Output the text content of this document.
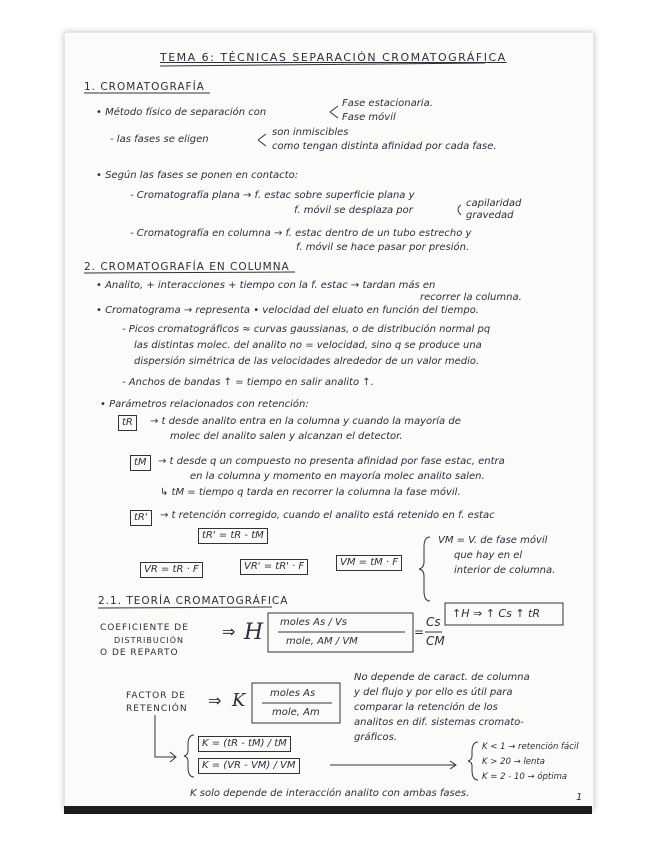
TEMA 6: TÉCNICAS SEPARACIÓN CROMATOGRÁFICA
1. CROMATOGRAFÍA
• Método físico de separación con
Fase estacionaria.
Fase móvil
- las fases se eligen
son inmiscibles
como tengan distinta afinidad por cada fase.
• Según las fases se ponen en contacto:
- Cromatografía plana → f. estac sobre superficie plana y
f. móvil se desplaza por
capilaridad
gravedad
- Cromatografía en columna → f. estac dentro de un tubo estrecho y
f. móvil se hace pasar por presión.
2. CROMATOGRAFÍA EN COLUMNA
• Analito, + interacciones + tiempo con la f. estac → tardan más en
recorrer la columna.
• Cromatograma → representa • velocidad del eluato en función del tiempo.
- Picos cromatográficos ≈ curvas gaussianas, o de distribución normal pq
las distintas molec. del analito no = velocidad, sino q se produce una
dispersión simétrica de las velocidades alrededor de un valor medio.
- Anchos de bandas ↑ = tiempo en salir analito ↑.
• Parámetros relacionados con retención:
tR	→ t desde analito entra en la columna y cuando la mayoría de
molec del analito salen y alcanzan el detector.
tM	→ t desde q un compuesto no presenta afinidad por fase estac, entra
en la columna y momento en mayoría molec analito salen.
↳ tM = tiempo q tarda en recorrer la columna la fase móvil.
tR'	→ t retención corregido, cuando el analito está retenido en f. estac
tR' = tR - tM
VR = tR · F	VR' = tR' · F	VM = tM · F
VM = V. de fase móvil
que hay en el
interior de columna.
2.1. TEORÍA CROMATOGRÁFICA
COEFICIENTE DE
DISTRIBUCIÓN
O DE REPARTO
⇒ H moles As / Vs
mole, AM / VM
=
Cs
CM
↑H ⇒ ↑ Cs ↑ tR
FACTOR DE
RETENCIÓN ⇒ K moles As
mole, Am
No depende de caract. de columna
y del flujo y por ello es útil para
comparar la retención de los
analitos en dif. sistemas cromato-
gráficos.
K = (tR - tM) / tM
K = (VR - VM) / VM
K < 1 → retención fácil
K > 20 → lenta
K = 2 - 10 → óptima
K solo depende de interacción analito con ambas fases.	1
